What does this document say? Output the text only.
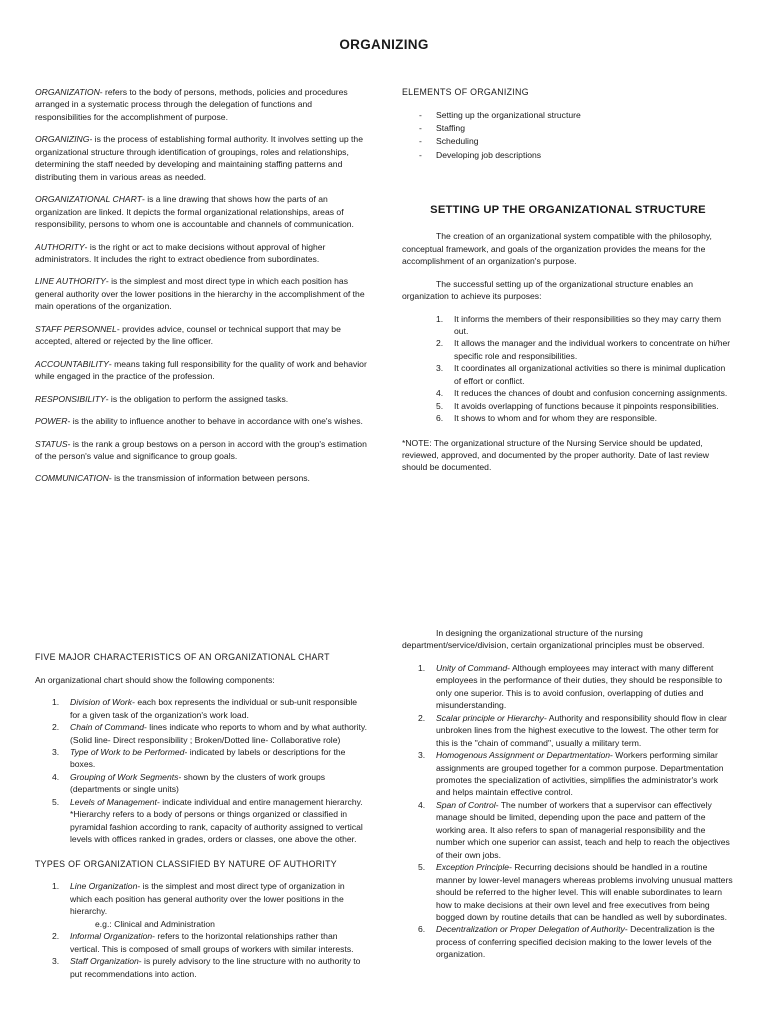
ORGANIZING

ORGANIZATION- refers to the body of persons, methods, policies and procedures arranged in a systematic process through the delegation of functions and responsibilities for the accomplishment of purpose.

ORGANIZING- is the process of establishing formal authority. It involves setting up the organizational structure through identification of groupings, roles and relationships, determining the staff needed by developing and maintaining staffing patterns and distributing them in various areas as needed.

ORGANIZATIONAL CHART- is a line drawing that shows how the parts of an organization are linked. It depicts the formal organizational relationships, areas of responsibility, persons to whom one is accountable and channels of communication.

AUTHORITY- is the right or act to make decisions without approval of higher administrators. It includes the right to extract obedience from subordinates.

LINE AUTHORITY- is the simplest and most direct type in which each position has general authority over the lower positions in the hierarchy in the accomplishment of the main operations of the organization.

STAFF PERSONNEL- provides advice, counsel or technical support that may be accepted, altered or rejected by the line officer.

ACCOUNTABILITY- means taking full responsibility for the quality of work and behavior while engaged in the practice of the profession.

RESPONSIBILITY- is the obligation to perform the assigned tasks.

POWER- is the ability to influence another to behave in accordance with one's wishes.

STATUS- is the rank a group bestows on a person in accord with the group's estimation of the person's value and significance to group goals.

COMMUNICATION- is the transmission of information between persons.

ELEMENTS OF ORGANIZING
- Setting up the organizational structure
- Staffing
- Scheduling
- Developing job descriptions
SETTING UP THE ORGANIZATIONAL STRUCTURE

The creation of an organizational system compatible with the philosophy, conceptual framework, and goals of the organization provides the means for the accomplishment of an organization's purpose.

The successful setting up of the organizational structure enables an organization to achieve its purposes:

1. It informs the members of their responsibilities so they may carry them out.
2. It allows the manager and the individual workers to concentrate on hi/her specific role and responsibilities.
3. It coordinates all organizational activities so there is minimal duplication of effort or conflict.
4. It reduces the chances of doubt and confusion concerning assignments.
5. It avoids overlapping of functions because it pinpoints responsibilities.
6. It shows to whom and for whom they are responsible.

*NOTE: The organizational structure of the Nursing Service should be updated, reviewed, approved, and documented by the proper authority. Date of last review should be documented.

FIVE MAJOR CHARACTERISTICS OF AN ORGANIZATIONAL CHART

An organizational chart should show the following components:

1. Division of Work- each box represents the individual or sub-unit responsible for a given task of the organization's work load.
2. Chain of Command- lines indicate who reports to whom and by what authority. (Solid line- Direct responsibility ; Broken/Dotted line- Collaborative role)
3. Type of Work to be Performed- indicated by labels or descriptions for the boxes.
4. Grouping of Work Segments- shown by the clusters of work groups (departments or single units)
5. Levels of Management- indicate individual and entire management hierarchy. *Hierarchy refers to a body of persons or things organized or classified in pyramidal fashion according to rank, capacity of authority assigned to vertical levels with offices ranked in grades, orders or classes, one above the other.
TYPES OF ORGANIZATION CLASSIFIED BY NATURE OF AUTHORITY
1. Line Organization- is the simplest and most direct type of organization in which each position has general authority over the lower positions in the hierarchy.
e.g.: Clinical and Administration
2. Informal Organization- refers to the horizontal relationships rather than vertical. This is composed of small groups of workers with similar interests.
3. Staff Organization- is purely advisory to the line structure with no authority to put recommendations into action.

In designing the organizational structure of the nursing department/service/division, certain organizational principles must be observed.

1. Unity of Command- Although employees may interact with many different employees in the performance of their duties, they should be responsible to only one superior. This is to avoid confusion, overlapping of duties and misunderstanding.
2. Scalar principle or Hierarchy- Authority and responsibility should flow in clear unbroken lines from the highest executive to the lowest. The other term for this is the "chain of command", usually a military term.
3. Homogenous Assignment or Departmentation- Workers performing similar assignments are grouped together for a common purpose. Departmentation promotes the specialization of activities, simplifies the administrator's work and helps maintain effective control.
4. Span of Control- The number of workers that a supervisor can effectively manage should be limited, depending upon the pace and pattern of the working area. It also refers to span of managerial responsibility and the number which one superior can assist, teach and help to reach the objectives of their own jobs.
5. Exception Principle- Recurring decisions should be handled in a routine manner by lower-level managers whereas problems involving unusual matters should be referred to the higher level. This will enable subordinates to learn how to make decisions at their own level and free executives from being bogged down by routine details that can be handled as well by subordinates.
6. Decentralization or Proper Delegation of Authority- Decentralization is the process of conferring specified decision making to the lower levels of the organization.
